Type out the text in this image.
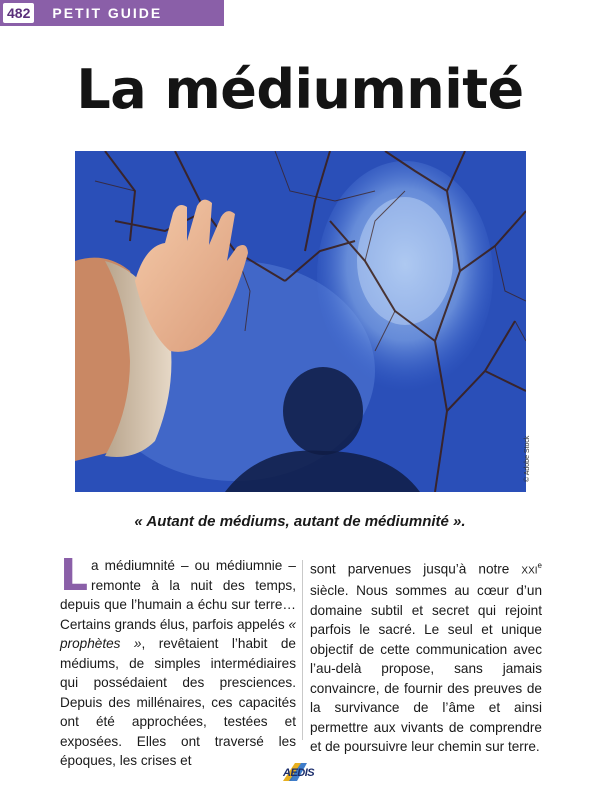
482 PETIT GUIDE
La médiumnité
© Adobe Stock

« Autant de médiums, autant de médiumnité ».

La médiumnité – ou médiumnie – remonte à la nuit des temps, depuis que l’humain a échu sur terre… Certains grands élus, parfois appelés « prophètes », revêtaient l’habit de médiums, de simples intermédiaires qui possédaient des presciences. Depuis des millénaires, ces capacités ont été approchées, testées et exposées. Elles ont traversé les époques, les crises et

sont parvenues jusqu’à notre XXIe siècle. Nous sommes au cœur d’un domaine subtil et secret qui rejoint parfois le sacré. Le seul et unique objectif de cette communication avec l’au-delà propose, sans jamais convaincre, de fournir des preuves de la survivance de l’âme et ainsi permettre aux vivants de comprendre et de poursuivre leur chemin sur terre.

AEDIS
